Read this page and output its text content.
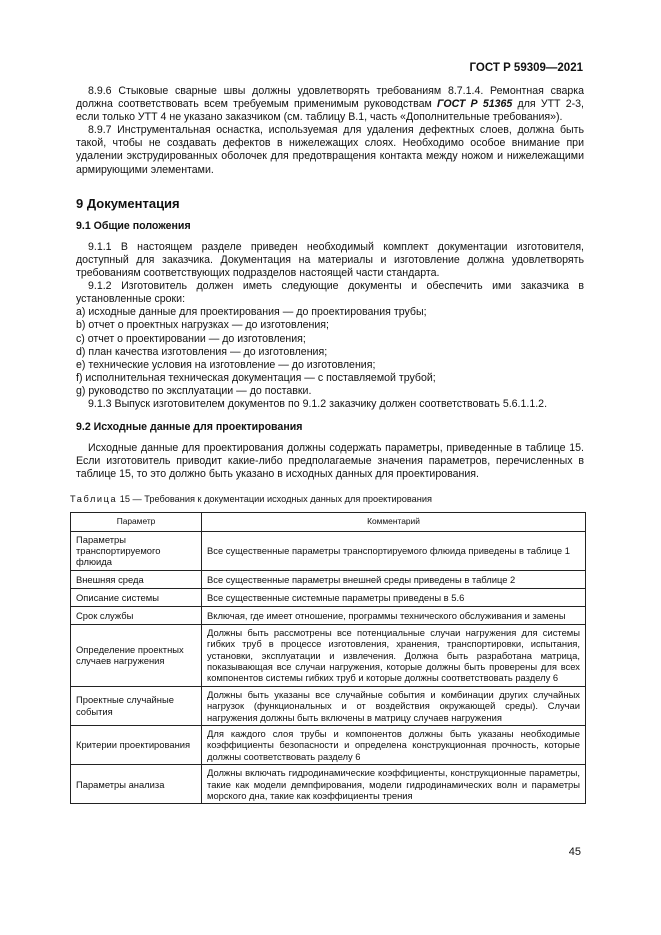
ГОСТ Р 59309—2021

8.9.6 Стыковые сварные швы должны удовлетворять требованиям 8.7.1.4. Ремонтная сварка должна соответствовать всем требуемым применимым руководствам ГОСТ Р 51365 для УТТ 2-3, если только УТТ 4 не указано заказчиком (см. таблицу В.1, часть «Дополнительные требования»).

8.9.7 Инструментальная оснастка, используемая для удаления дефектных слоев, должна быть такой, чтобы не создавать дефектов в нижележащих слоях. Необходимо особое внимание при удалении экструдированных оболочек для предотвращения контакта между ножом и нижележащими армирующими элементами.

9 Документация
9.1 Общие положения

9.1.1 В настоящем разделе приведен необходимый комплект документации изготовителя, доступный для заказчика. Документация на материалы и изготовление должна удовлетворять требованиям соответствующих подразделов настоящей части стандарта.

9.1.2 Изготовитель должен иметь следующие документы и обеспечить ими заказчика в установленные сроки:

a) исходные данные для проектирования — до проектирования трубы;

b) отчет о проектных нагрузках — до изготовления;

c) отчет о проектировании — до изготовления;

d) план качества изготовления — до изготовления;

e) технические условия на изготовление — до изготовления;

f) исполнительная техническая документация — с поставляемой трубой;

g) руководство по эксплуатации — до поставки.

9.1.3 Выпуск изготовителем документов по 9.1.2 заказчику должен соответствовать 5.6.1.1.2.

9.2 Исходные данные для проектирования

Исходные данные для проектирования должны содержать параметры, приведенные в таблице 15. Если изготовитель приводит какие-либо предполагаемые значения параметров, перечисленных в таблице 15, то это должно быть указано в исходных данных для проектирования.

Таблица 15 — Требования к документации исходных данных для проектирования
Параметр	Комментарий
Параметры транспортируемого флюида	Все существенные параметры транспортируемого флюида приведены в таблице 1
Внешняя среда	Все существенные параметры внешней среды приведены в таблице 2
Описание системы	Все существенные системные параметры приведены в 5.6
Срок службы	Включая, где имеет отношение, программы технического обслуживания и замены
Определение проектных случаев нагружения	Должны быть рассмотрены все потенциальные случаи нагружения для системы гибких труб в процессе изготовления, хранения, транспортировки, испытания, установки, эксплуатации и извлечения. Должна быть разработана матрица, показывающая все случаи нагружения, которые должны быть проверены для всех компонентов системы гибких труб и которые должны соответствовать разделу 6
Проектные случайные события	Должны быть указаны все случайные события и комбинации других случайных нагрузок (функциональных и от воздействия окружающей среды). Случаи нагружения должны быть включены в матрицу случаев нагружения
Критерии проектирования	Для каждого слоя трубы и компонентов должны быть указаны необходимые коэффициенты безопасности и определена конструкционная прочность, которые должны соответствовать разделу 6
Параметры анализа	Должны включать гидродинамические коэффициенты, конструкционные параметры, такие как модели демпфирования, модели гидродинамических волн и параметры морского дна, такие как коэффициенты трения
45
